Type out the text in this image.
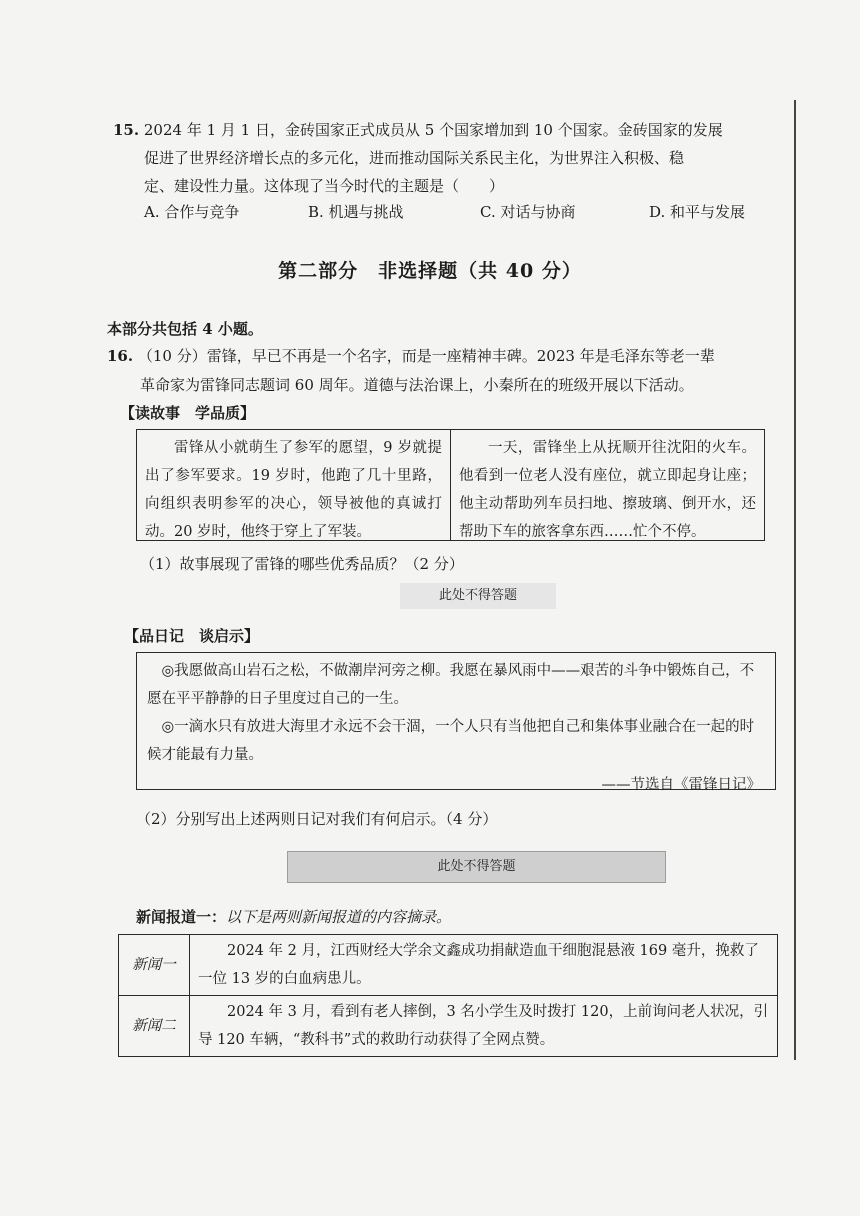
15. 2024 年 1 月 1 日，金砖国家正式成员从 5 个国家增加到 10 个国家。金砖国家的发展
促进了世界经济增长点的多元化，进而推动国际关系民主化，为世界注入积极、稳
定、建设性力量。这体现了当今时代的主题是（　　）
A. 合作与竞争	B. 机遇与挑战	C. 对话与协商	D. 和平与发展
第二部分　非选择题（共 40 分）
本部分共包括 4 小题。
16. （10 分）雷锋，早已不再是一个名字，而是一座精神丰碑。2023 年是毛泽东等老一辈
革命家为雷锋同志题词 60 周年。道德与法治课上，小秦所在的班级开展以下活动。
【读故事　学品质】
雷锋从小就萌生了参军的愿望，9 岁就提出了参军要求。19 岁时，他跑了几十里路，向组织表明参军的决心，领导被他的真诚打动。20 岁时，他终于穿上了军装。
一天，雷锋坐上从抚顺开往沈阳的火车。他看到一位老人没有座位，就立即起身让座；他主动帮助列车员扫地、擦玻璃、倒开水，还帮助下车的旅客拿东西……忙个不停。
（1）故事展现了雷锋的哪些优秀品质？（2 分）
此处不得答题
【品日记　谈启示】

◎我愿做高山岩石之松，不做潮岸河旁之柳。我愿在暴风雨中——艰苦的斗争中锻炼自己，不愿在平平静静的日子里度过自己的一生。

◎一滴水只有放进大海里才永远不会干涸，一个人只有当他把自己和集体事业融合在一起的时候才能最有力量。

——节选自《雷锋日记》

（2）分别写出上述两则日记对我们有何启示。（4 分）
此处不得答题
新闻报道一：以下是两则新闻报道的内容摘录。
新闻一	2024 年 2 月，江西财经大学余文鑫成功捐献造血干细胞混悬液 169 毫升，挽救了一位 13 岁的白血病患儿。
新闻二	2024 年 3 月，看到有老人摔倒，3 名小学生及时拨打 120，上前询问老人状况，引导 120 车辆，“教科书”式的救助行动获得了全网点赞。
